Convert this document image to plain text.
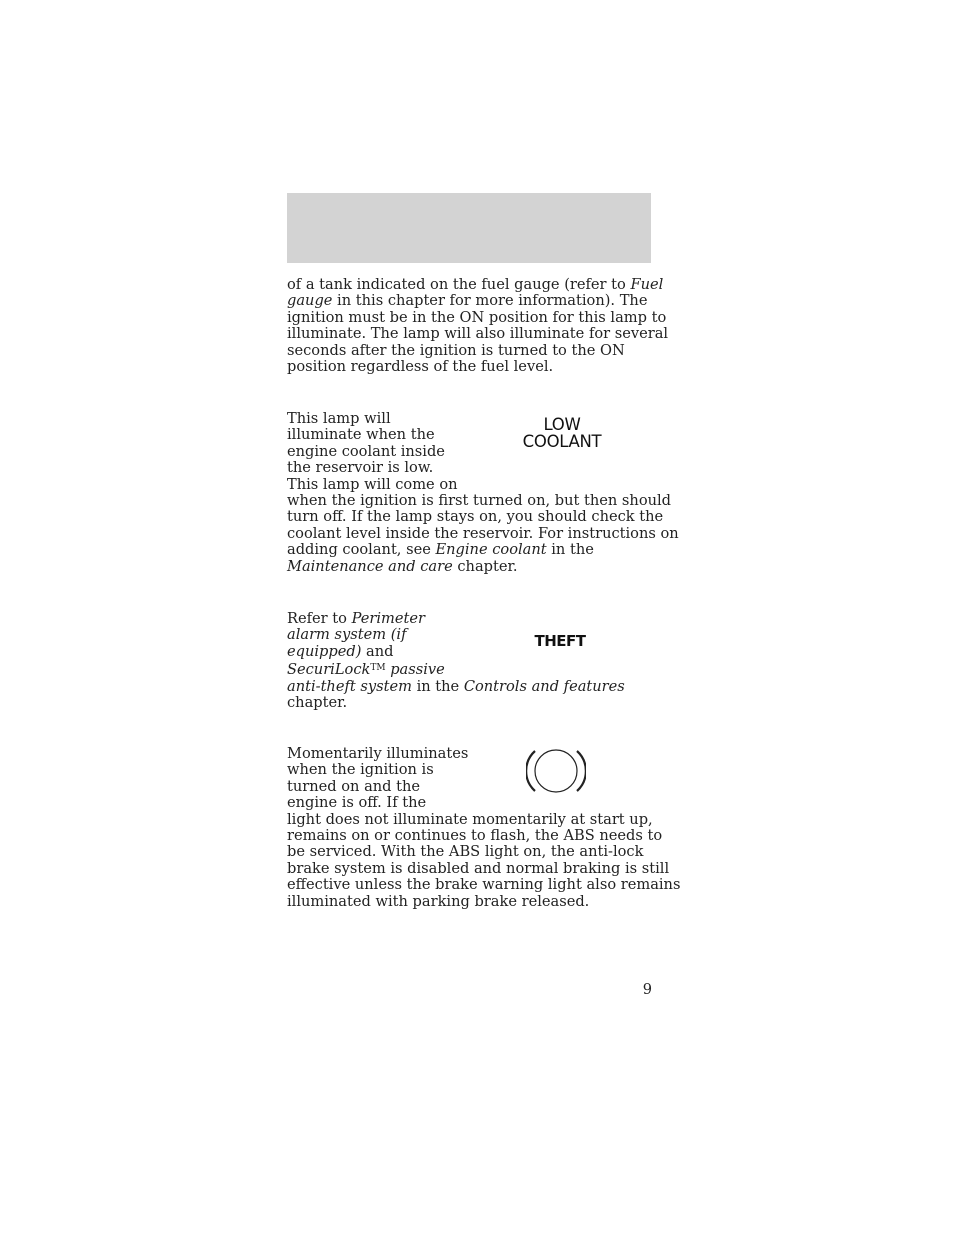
of a tank indicated on the fuel gauge (refer to Fuel
gauge in this chapter for more information). The
ignition must be in the ON position for this lamp to
illuminate. The lamp will also illuminate for several
seconds after the ignition is turned to the ON
position regardless of the fuel level.

This lamp will
illuminate when the
engine coolant inside
the reservoir is low.
This lamp will come on
when the ignition is first turned on, but then should
turn off. If the lamp stays on, you should check the
coolant level inside the reservoir. For instructions on
adding coolant, see Engine coolant in the
Maintenance and care chapter.

LOW
COOLANT

Refer to Perimeter
alarm system (if
equipped) and
SecuriLock™ passive
anti-theft system in the Controls and features
chapter.

THEFT

Momentarily illuminates
when the ignition is
turned on and the
engine is off. If the
light does not illuminate momentarily at start up,
remains on or continues to flash, the ABS needs to
be serviced. With the ABS light on, the anti-lock
brake system is disabled and normal braking is still
effective unless the brake warning light also remains
illuminated with parking brake released.

9
